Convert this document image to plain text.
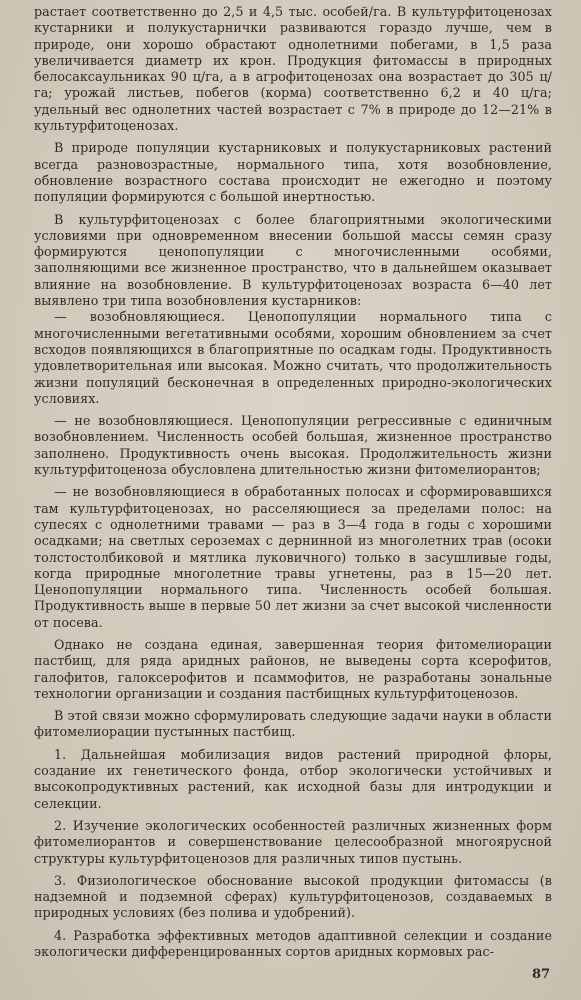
растает соответственно до 2,5 и 4,5 тыс. особей/га. В культурфитоценозах кустарники и полукустарнички развиваются гораздо лучше, чем в природе, они хорошо обрастают однолетними побегами, в 1,5 раза увеличивается диаметр их крон. Продукция фитомассы в природных белосаксаульниках 90 ц/га, а в агрофитоценозах она возрастает до 305 ц/га; урожай листьев, побегов (корма) соответственно 6,2 и 40 ц/га; удельный вес однолетних частей возрастает с 7% в природе до 12—21% в культурфитоценозах.

В природе популяции кустарниковых и полукустарниковых растений всегда разновозрастные, нормального типа, хотя возобновление, обновление возрастного состава происходит не ежегодно и поэтому популяции формируются с большой инертностью.

В культурфитоценозах с более благоприятными экологическими условиями при одновременном внесении большой массы семян сразу формируются ценопопуляции с многочисленными особями, заполняющими все жизненное пространство, что в дальнейшем оказывает влияние на возобновление. В культурфитоценозах возраста 6—40 лет выявлено три типа возобновления кустарников:

— возобновляющиеся. Ценопопуляции нормального типа с многочисленными вегетативными особями, хорошим обновлением за счет всходов появляющихся в благоприятные по осадкам годы. Продуктивность удовлетворительная или высокая. Можно считать, что продолжительность жизни популяций бесконечная в определенных природно-экологических условиях.

— не возобновляющиеся. Ценопопуляции регрессивные с единичным возобновлением. Численность особей большая, жизненное пространство заполнено. Продуктивность очень высокая. Продолжительность жизни культурфитоценоза обусловлена длительностью жизни фитомелиорантов;

— не возобновляющиеся в обработанных полосах и сформировавшихся там культурфитоценозах, но расселяющиеся за пределами полос: на супесях с однолетними травами — раз в 3—4 года в годы с хорошими осадками; на светлых сероземах с дернинной из многолетних трав (осоки толстостолбиковой и мятлика луковичного) только в засушливые годы, когда природные многолетние травы угнетены, раз в 15—20 лет. Ценопопуляции нормального типа. Численность особей большая. Продуктивность выше в первые 50 лет жизни за счет высокой численности от посева.

Однако не создана единая, завершенная теория фитомелиорации пастбищ, для ряда аридных районов, не выведены сорта ксерофитов, галофитов, галоксерофитов и псаммофитов, не разработаны зональные технологии организации и создания пастбищных культурфитоценозов.

В этой связи можно сформулировать следующие задачи науки в области фитомелиорации пустынных пастбищ.

1. Дальнейшая мобилизация видов растений природной флоры, создание их генетического фонда, отбор экологически устойчивых и высокопродуктивных растений, как исходной базы для интродукции и селекции.

2. Изучение экологических особенностей различных жизненных форм фитомелиорантов и совершенствование целесообразной многоярусной структуры культурфитоценозов для различных типов пустынь.

3. Физиологическое обоснование высокой продукции фитомассы (в надземной и подземной сферах) культурфитоценозов, создаваемых в природных условиях (без полива и удобрений).

4. Разработка эффективных методов адаптивной селекции и создание экологически дифференцированных сортов аридных кормовых рас-

87
